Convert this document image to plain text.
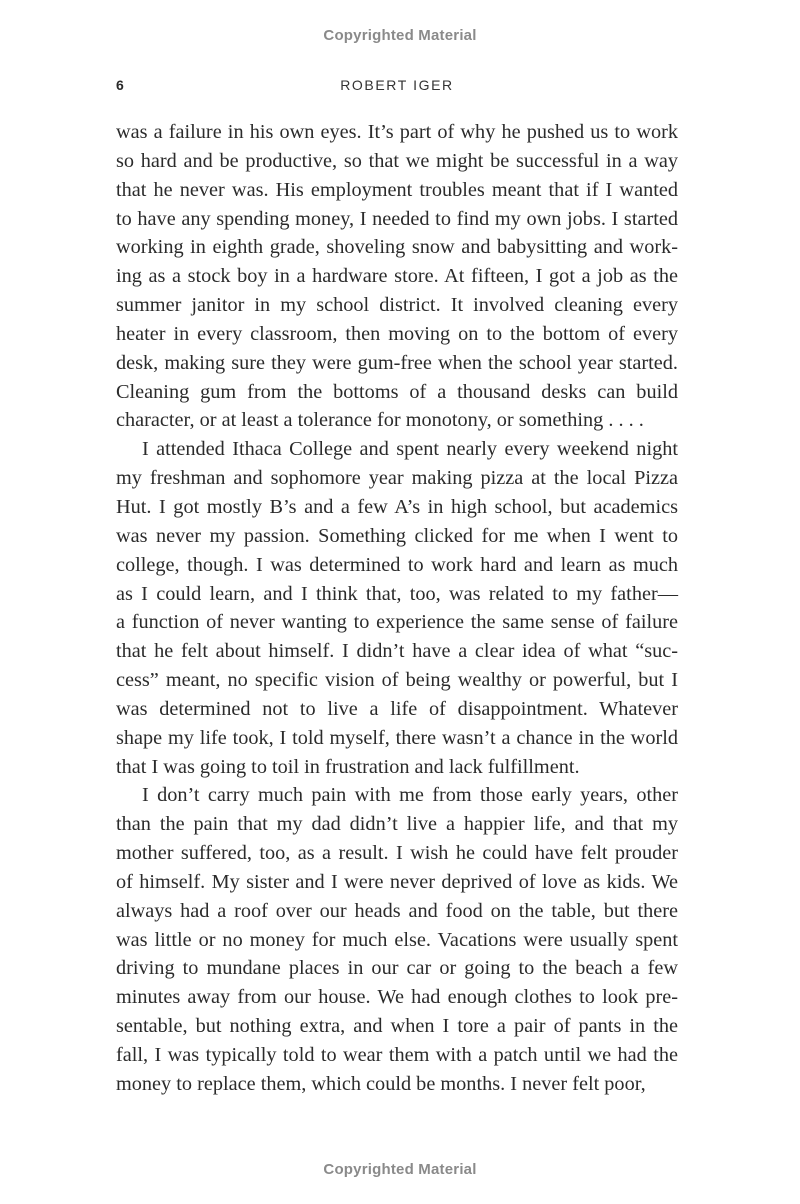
Copyrighted Material
6	ROBERT IGER
was a failure in his own eyes. It’s part of why he pushed us to work
so hard and be productive, so that we might be successful in a way
that he never was. His employment troubles meant that if I wanted
to have any spending money, I needed to find my own jobs. I started
working in eighth grade, shoveling snow and babysitting and work-
ing as a stock boy in a hardware store. At fifteen, I got a job as the
summer janitor in my school district. It involved cleaning every
heater in every classroom, then moving on to the bottom of every
desk, making sure they were gum-free when the school year started.
Cleaning gum from the bottoms of a thousand desks can build
character, or at least a tolerance for monotony, or something . . . .
I attended Ithaca College and spent nearly every weekend night
my freshman and sophomore year making pizza at the local Pizza
Hut. I got mostly B’s and a few A’s in high school, but academics
was never my passion. Something clicked for me when I went to
college, though. I was determined to work hard and learn as much
as I could learn, and I think that, too, was related to my father—
a function of never wanting to experience the same sense of failure
that he felt about himself. I didn’t have a clear idea of what “suc-
cess” meant, no specific vision of being wealthy or powerful, but I
was determined not to live a life of disappointment. Whatever
shape my life took, I told myself, there wasn’t a chance in the world
that I was going to toil in frustration and lack fulfillment.
I don’t carry much pain with me from those early years, other
than the pain that my dad didn’t live a happier life, and that my
mother suffered, too, as a result. I wish he could have felt prouder
of himself. My sister and I were never deprived of love as kids. We
always had a roof over our heads and food on the table, but there
was little or no money for much else. Vacations were usually spent
driving to mundane places in our car or going to the beach a few
minutes away from our house. We had enough clothes to look pre-
sentable, but nothing extra, and when I tore a pair of pants in the
fall, I was typically told to wear them with a patch until we had the
money to replace them, which could be months. I never felt poor,
Copyrighted Material
